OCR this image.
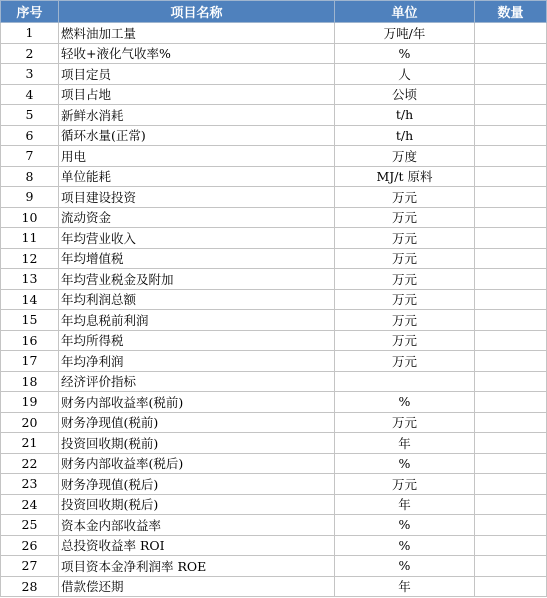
序号	项目名称	单位	数量
1	燃料油加工量	万吨/年	
2	轻收+液化气收率%	%	
3	项目定员	人	
4	项目占地	公顷	
5	新鲜水消耗	t/h	
6	循环水量(正常)	t/h	
7	用电	万度	
8	单位能耗	MJ/t 原料	
9	项目建设投资	万元	
10	流动资金	万元	
11	年均营业收入	万元	
12	年均增值税	万元	
13	年均营业税金及附加	万元	
14	年均利润总额	万元	
15	年均息税前利润	万元	
16	年均所得税	万元	
17	年均净利润	万元	
18	经济评价指标		
19	财务内部收益率(税前)	%	
20	财务净现值(税前)	万元	
21	投资回收期(税前)	年	
22	财务内部收益率(税后)	%	
23	财务净现值(税后)	万元	
24	投资回收期(税后)	年	
25	资本金内部收益率	%	
26	总投资收益率 ROI	%	
27	项目资本金净利润率 ROE	%	
28	借款偿还期	年	
